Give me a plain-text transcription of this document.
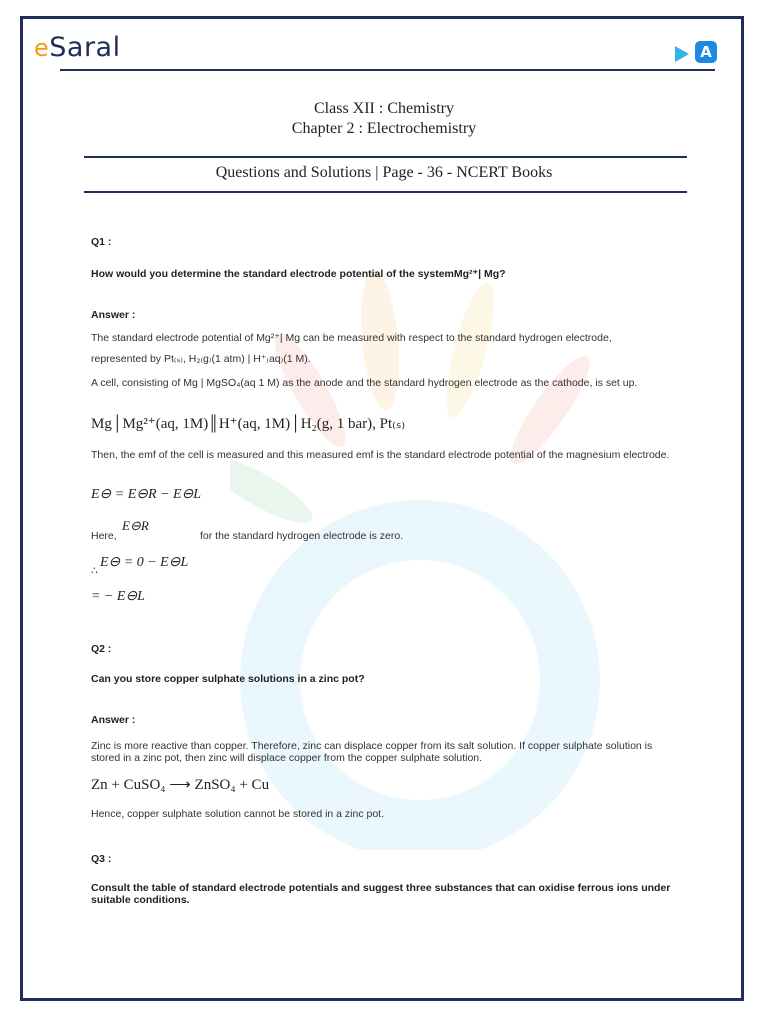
eSaral	A
Class XII : Chemistry
Chapter 2 : Electrochemistry
Questions and Solutions | Page - 36 - NCERT Books
Q1 :
How would you determine the standard electrode potential of the systemMg²⁺| Mg?
Answer :
The standard electrode potential of Mg²⁺| Mg can be measured with respect to the standard hydrogen electrode,
represented by Pt₍ₛ₎, H₂₍g₎(1 atm) | H⁺₍aq₎(1 M).
A cell, consisting of Mg | MgSO₄(aq 1 M) as the anode and the standard hydrogen electrode as the cathode, is set up.
Mg│Mg²⁺(aq, 1M)║H⁺(aq, 1M)│H₂(g, 1 bar), Pt₍ₛ₎
Then, the emf of the cell is measured and this measured emf is the standard electrode potential of the magnesium electrode.
E⊖ = E⊖R − E⊖L
Here,
E⊖R
for the standard hydrogen electrode is zero.
∴
E⊖ = 0 − E⊖L
= − E⊖L
Q2 :
Can you store copper sulphate solutions in a zinc pot?
Answer :
Zinc is more reactive than copper. Therefore, zinc can displace copper from its salt solution. If copper sulphate solution is stored in a zinc pot, then zinc will displace copper from the copper sulphate solution.
Zn + CuSO₄ ⟶ ZnSO₄ + Cu
Hence, copper sulphate solution cannot be stored in a zinc pot.
Q3 :
Consult the table of standard electrode potentials and suggest three substances that can oxidise ferrous ions under suitable conditions.
